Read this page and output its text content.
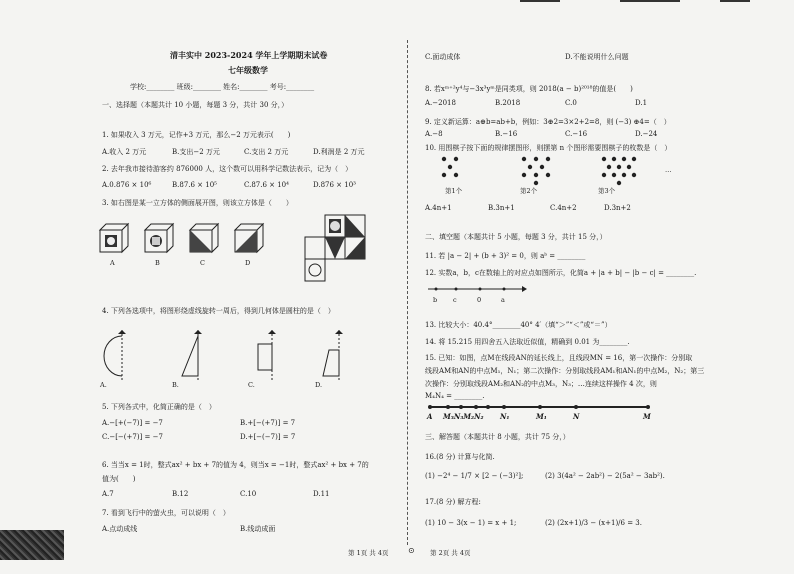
清丰实中 2023-2024 学年上学期期末试卷
七年级数学
学校:________ 班级:________ 姓名:________ 考号:________
一、选择题（本题共计 10 小题，每题 3 分，共计 30 分，）
1. 如果收入 3 万元，记作+3 万元，那么−2 万元表示(　　)
A.收入 2 万元	B.支出−2 万元	C.支出 2 万元	D.利润是 2 万元
2. 去年我市接待游客约 876000 人，这个数可以用科学记数法表示，记为（　）
A.0.876 × 10⁶	B.87.6 × 10⁵	C.87.6 × 10⁴	D.876 × 10³
3. 如右图是某一立方体的侧面展开图，则该立方体是（　　）
A	B	C	D
4. 下列各选项中，将图形绕虚线旋转一周后，得到几何体是圆柱的是（　）
A.	B.	C.	D.
5. 下列各式中，化简正确的是（　）
A.−[+(−7)] = −7	B.+[−(+7)] = 7
C.−[−(+7)] = −7	D.+[−(−7)] = 7
6. 当当x = 1时，整式ax² + bx + 7的值为 4，则当x = −1时，整式ax² + bx + 7的
值为(　　)
A.7	B.12	C.10	D.11
7. 看到飞行中的萤火虫，可以说明（　）
A.点动成线	B.线动成面
C.面动成体	D.不能说明什么问题
8. 若xᵐ⁺²y⁴与−3x³yᵐ是同类项，则 2018(a − b)²⁰¹⁸的值是(　　)
A.−2018	B.2018	C.0	D.1
9. 定义新运算：a⊕b=ab+b，例如：3⊕2=3×2+2=8，则 (−3) ⊕4=（　）
A.−8	B.−16	C.−16	D.−24
10. 用围棋子按下面的规律摆图形，则摆第 n 个图形需要围棋子的枚数是（　）
…
第1个	第2个	第3个
A.4n+1	B.3n+1	C.4n+2	D.3n+2
二、填空题（本题共计 5 小题，每题 3 分，共计 15 分，）
11. 若 |a − 2| + (b + 3)² = 0，则 aᵇ = ________
12. 实数a，b，c在数轴上的对应点如图所示，化简a + |a + b| − |b − c| = ________.
b c	0	a
13. 比较大小：40.4°________40° 4′（填“＞”“＜”或“＝”）
14. 将 15.215 用四舍五入法取近似值，精确到 0.01 为________.
15. 已知：如图，点M在线段AN的延长线上，且线段MN = 16，第一次操作：分别取
线段AM和AN的中点M₁，N₁；第二次操作：分别取线段AM₁和AN₁的中点M₂，N₂；第三
次操作：分别取线段AM₂和AN₂的中点M₃，N₃；…连续这样操作 4 次，则
M₄N₄ = ________.
A M₃N₃M₂N₂ N₁	M₁	N	M
三、解答题（本题共计 8 小题，共计 75 分，）
16.(8 分) 计算与化简.
(1) −2⁴ − 1/7 × [2 − (−3)²];	(2) 3(4a² − 2ab²) − 2(5a² − 3ab²).
17.(8 分) 解方程:
(1) 10 − 3(x − 1) = x + 1;	(2) (2x+1)/3 − (x+1)/6 = 3.
第 1页 共 4页 ⊙ 第 2页 共 4页
